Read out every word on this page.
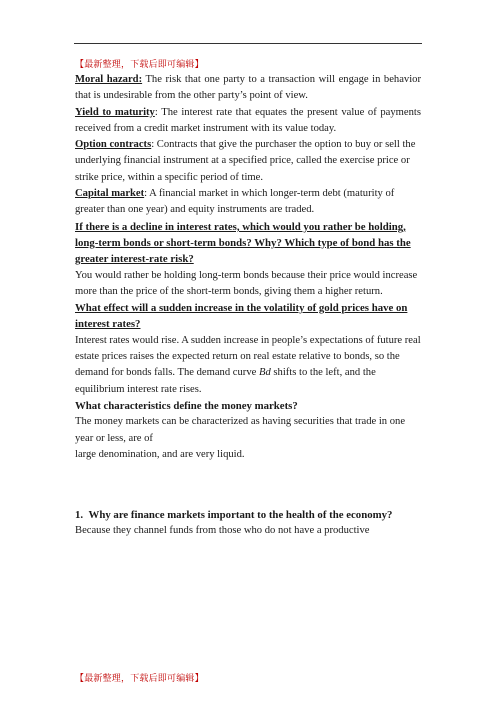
【最新整理，下载后即可编辑】

Moral hazard: The risk that one party to a transaction will engage in behavior that is undesirable from the other party’s point of view.

Yield to maturity: The interest rate that equates the present value of payments received from a credit market instrument with its value today.

Option contracts: Contracts that give the purchaser the option to buy or sell the underlying financial instrument at a specified price, called the exercise price or strike price, within a specific period of time.

Capital market: A financial market in which longer-term debt (maturity of greater than one year) and equity instruments are traded.

If there is a decline in interest rates, which would you rather be holding, long-term bonds or short-term bonds? Why? Which type of bond has the greater interest-rate risk?

You would rather be holding long-term bonds because their price would increase more than the price of the short-term bonds, giving them a higher return.

What effect will a sudden increase in the volatility of gold prices have on interest rates?

Interest rates would rise. A sudden increase in people’s expectations of future real estate prices raises the expected return on real estate relative to bonds, so the demand for bonds falls. The demand curve Bd shifts to the left, and the equilibrium interest rate rises.

What characteristics define the money markets?

The money markets can be characterized as having securities that trade in one year or less, are of

large denomination, and are very liquid.

1. Why are finance markets important to the health of the economy?

Because they channel funds from those who do not have a productive

【最新整理，下载后即可编辑】
